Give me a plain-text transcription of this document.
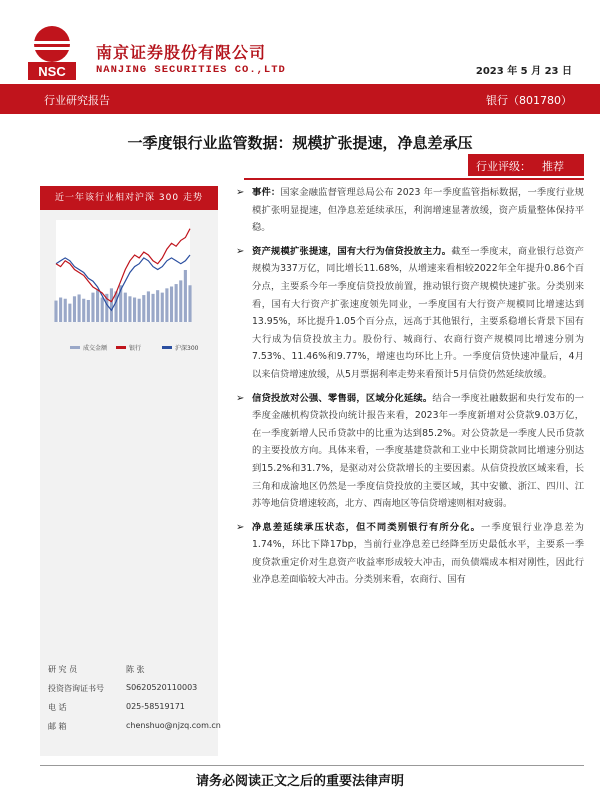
NSC
南京证券股份有限公司
NANJING SECURITIES CO.,LTD	2023 年 5 月 23 日
行业研究报告	银行（801780）
一季度银行业监管数据：规模扩张提速，净息差承压
行业评级： 推荐
近一年该行业相对沪深 300 走势
成交金额	银行	沪深300
研 究 员	陈 张
投资咨询证书号	S0620520110003
电 话	025-58519171
邮 箱	chenshuo@njzq.com.cn
➢ 事件：国家金融监督管理总局公布 2023 年一季度监管指标数据，一季度行业规模扩张明显提速，但净息差延续承压，利润增速显著放缓，资产质量整体保持平稳。
➢ 资产规模扩张提速，国有大行为信贷投放主力。截至一季度末，商业银行总资产规模为337万亿，同比增长11.68%，从增速来看相较2022年全年提升0.86个百分点，主要系今年一季度信贷投放前置，推动银行资产规模快速扩张。分类别来看，国有大行资产扩张速度领先同业，一季度国有大行资产规模同比增速达到13.95%，环比提升1.05个百分点，远高于其他银行，主要系稳增长背景下国有大行成为信贷投放主力。股份行、城商行、农商行资产规模同比增速分别为7.53%、11.46%和9.77%，增速也均环比上升。一季度信贷快速冲量后，4月以来信贷增速放缓，从5月票据利率走势来看预计5月信贷仍然延续放缓。
➢ 信贷投放对公强、零售弱，区域分化延续。结合一季度社融数据和央行发布的一季度金融机构贷款投向统计报告来看，2023年一季度新增对公贷款9.03万亿，在一季度新增人民币贷款中的比重为达到85.2%。对公贷款是一季度人民币贷款的主要投放方向。具体来看，一季度基建贷款和工业中长期贷款同比增速分别达到15.2%和31.7%，是驱动对公贷款增长的主要因素。从信贷投放区域来看，长三角和成渝地区仍然是一季度信贷投放的主要区域，其中安徽、浙江、四川、江苏等地信贷增速较高，北方、西南地区等信贷增速则相对疲弱。
➢ 净息差延续承压状态，但不同类别银行有所分化。一季度银行业净息差为1.74%，环比下降17bp，当前行业净息差已经降至历史最低水平，主要系一季度贷款重定价对生息资产收益率形成较大冲击，而负债端成本相对刚性，因此行业净息差面临较大冲击。分类别来看，农商行、国有
请务必阅读正文之后的重要法律声明
